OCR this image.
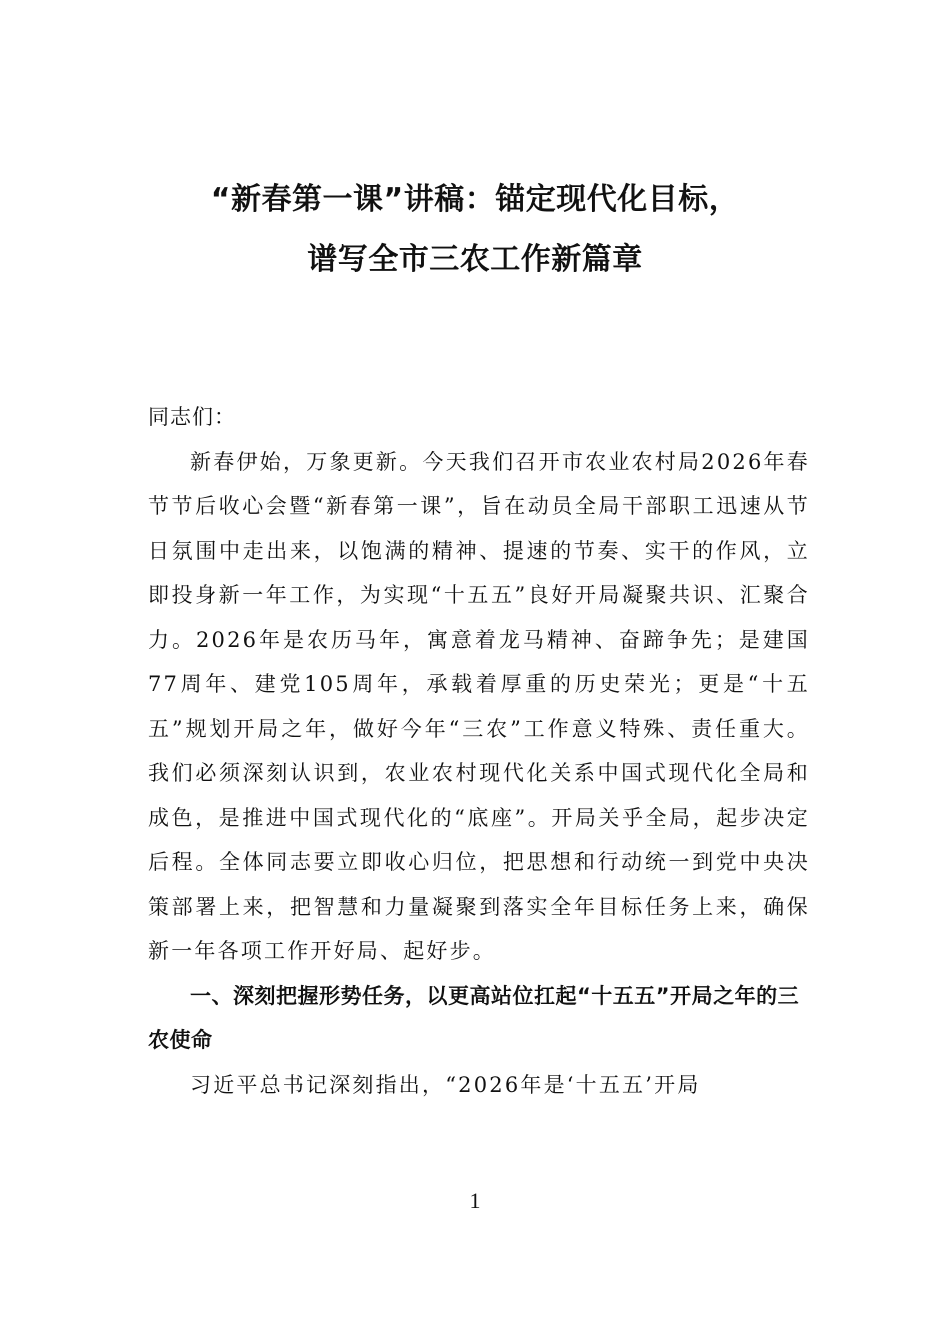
“新春第一课”讲稿：锚定现代化目标，
谱写全市三农工作新篇章

同志们：

新春伊始，万象更新。今天我们召开市农业农村局2026年春节节后收心会暨“新春第一课”，旨在动员全局干部职工迅速从节日氛围中走出来，以饱满的精神、提速的节奏、实干的作风，立即投身新一年工作，为实现“十五五”良好开局凝聚共识、汇聚合力。2026年是农历马年，寓意着龙马精神、奋蹄争先；是建国77周年、建党105周年，承载着厚重的历史荣光；更是“十五五”规划开局之年，做好今年“三农”工作意义特殊、责任重大。我们必须深刻认识到，农业农村现代化关系中国式现代化全局和成色，是推进中国式现代化的“底座”。开局关乎全局，起步决定后程。全体同志要立即收心归位，把思想和行动统一到党中央决策部署上来，把智慧和力量凝聚到落实全年目标任务上来，确保新一年各项工作开好局、起好步。

一、深刻把握形势任务，以更高站位扛起“十五五”开局之年的三农使命

习近平总书记深刻指出，“2026年是‘十五五’开局

1
